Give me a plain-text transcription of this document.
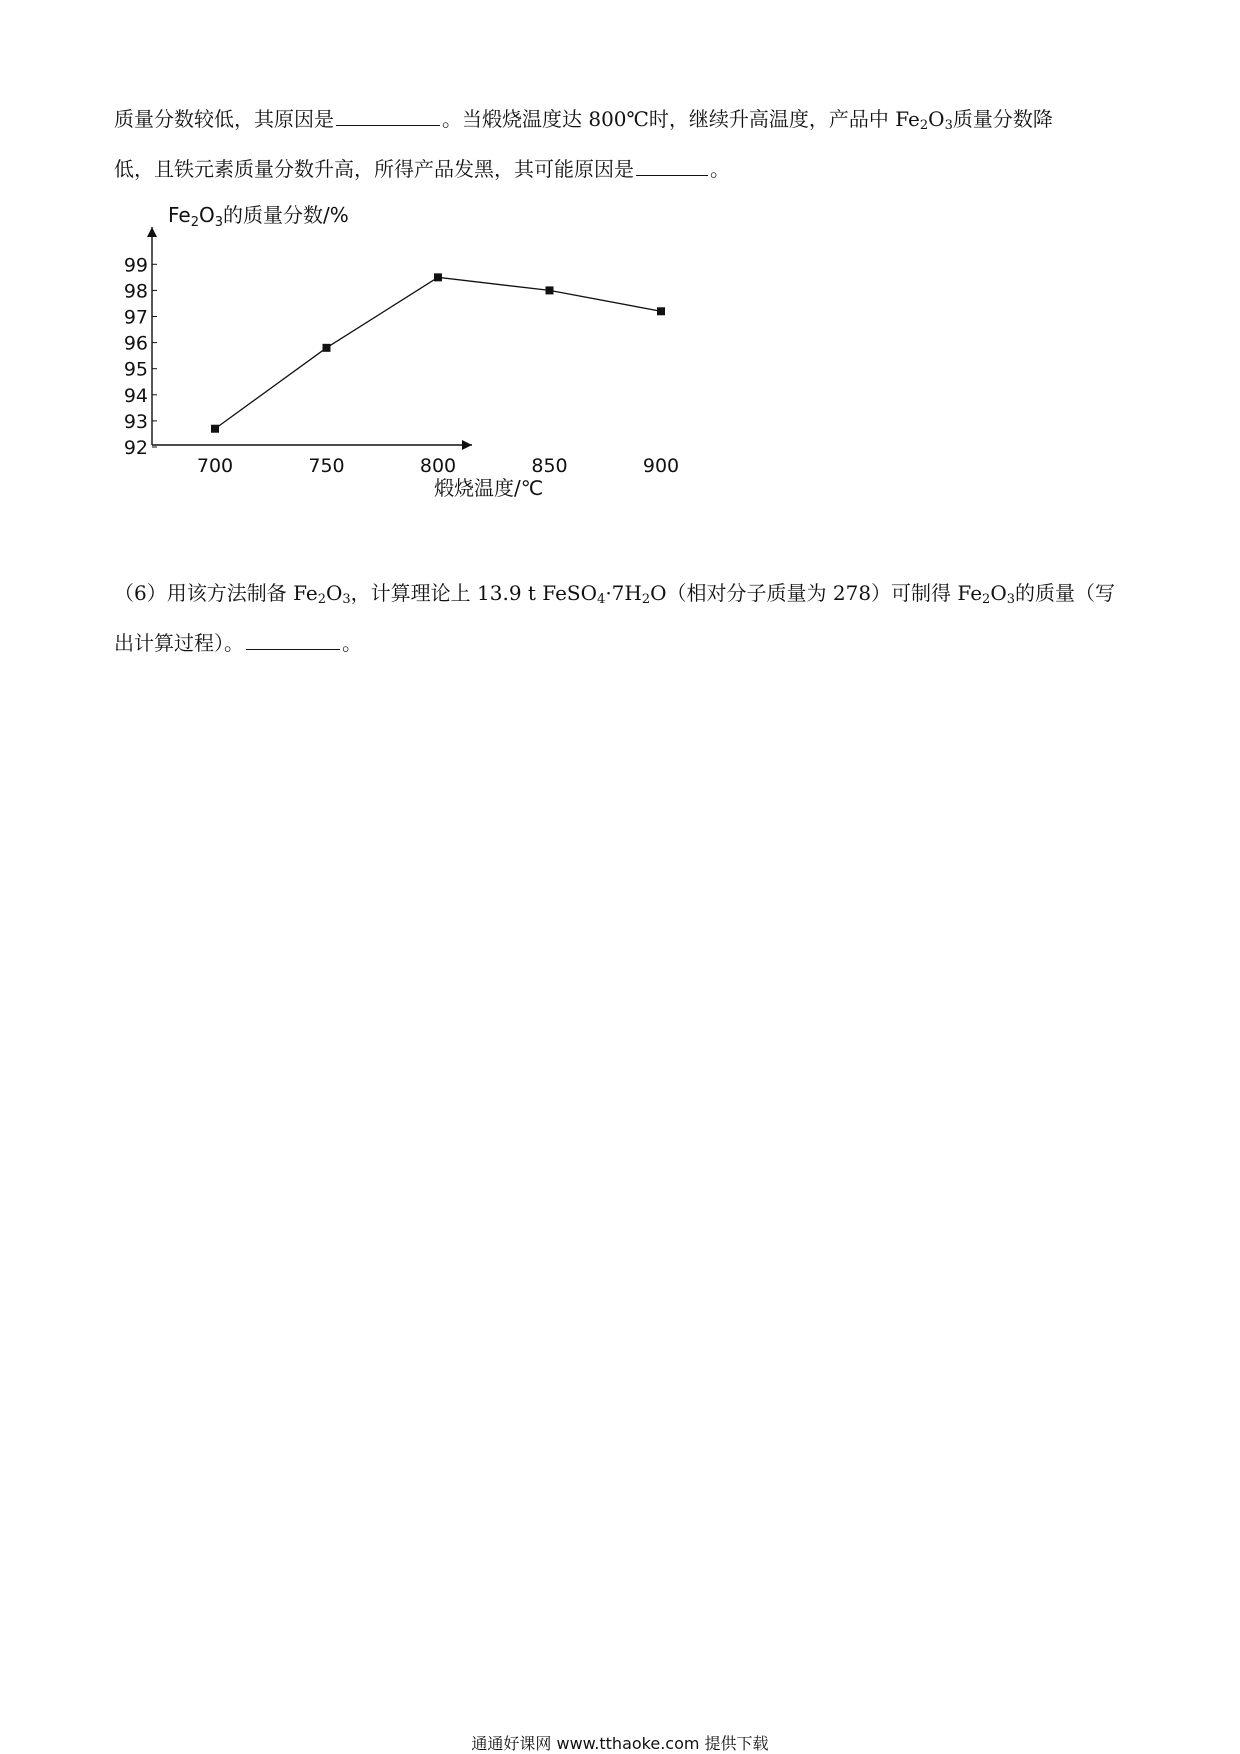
质量分数较低，其原因是	。当煅烧温度达 800℃时，继续升高温度，产品中 $Fe_2O_3$质量分数降
低，且铁元素质量分数升高，所得产品发黑，其可能原因是	。
$Fe_2O_3$的质量分数/%
92
93
94
95
96
97
98
99
700	750	800	850	900
煅烧温度/℃
（6）用该方法制备 $Fe_2O_3$，计算理论上 13.9 t $FeSO_4\cdot 7H_2O$（相对分子质量为 278）可制得 $Fe_2O_3$的质量（写
出计算过程）。	。
通通好课网 www.tthaoke.com 提供下载
